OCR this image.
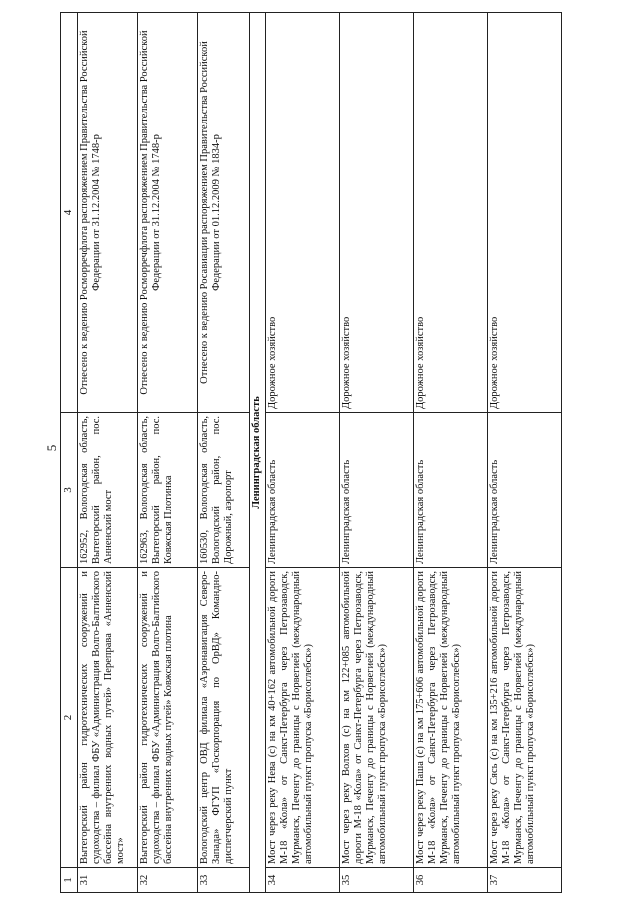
5
1	2	3	4
31	Вытегорский район гидротехнических сооружений и судоходства – филиал ФБУ «Администрация Волго-Балтийского бассейна внутренних водных путей» Переправа «Анненский мост»	162952, Вологодская область, Вытегорский район, пос. Анненский мост	Отнесено к ведению Росморречфлота распоряжением Правительства Российской Федерации от 31.12.2004 № 1748-р
32	Вытегорский район гидротехнических сооружений и судоходства – филиал ФБУ «Администрация Волго-Балтийского бассейна внутренних водных путей» Ковжская плотина	162963, Вологодская область, Вытегорский район, пос. Ковжская Плотинка	Отнесено к ведению Росморречфлота распоряжением Правительства Российской Федерации от 31.12.2004 № 1748-р
33	Вологодский центр ОВД филиала «Аэронавигация Северо-Запада» ФГУП «Госкорпорация по ОрВД» Командно-диспетчерский пункт	160530, Вологодская область, Вологодский район, пос. Дорожный, аэропорт	Отнесено к ведению Росавиации распоряжением Правительства Российской Федерации от 01.12.2009 № 1834-р
Ленинградская область			
34	Мост через реку Нева (с) на км 40+162 автомобильной дороги М-18 «Кола» от Санкт-Петербурга через Петрозаводск, Мурманск, Печенгу до границы с Норвегией (международный автомобильный пункт пропуска «Борисоглебск»)	Ленинградская область	Дорожное хозяйство
35	Мост через реку Волхов (с) на км 122+085 автомобильной дороги М-18 «Кола» от Санкт-Петербурга через Петрозаводск, Мурманск, Печенгу до границы с Норвегией (международный автомобильный пункт пропуска «Борисоглебск»)	Ленинградская область	Дорожное хозяйство
36	Мост через реку Паша (с) на км 175+606 автомобильной дороги М-18 «Кола» от Санкт-Петербурга через Петрозаводск, Мурманск, Печенгу до границы с Норвегией (международный автомобильный пункт пропуска «Борисоглебск»)	Ленинградская область	Дорожное хозяйство
37	Мост через реку Сясь (с) на км 135+216 автомобильной дороги М-18 «Кола» от Санкт-Петербурга через Петрозаводск, Мурманск, Печенгу до границы с Норвегией (международный автомобильный пункт пропуска «Борисоглебск»)	Ленинградская область	Дорожное хозяйство
